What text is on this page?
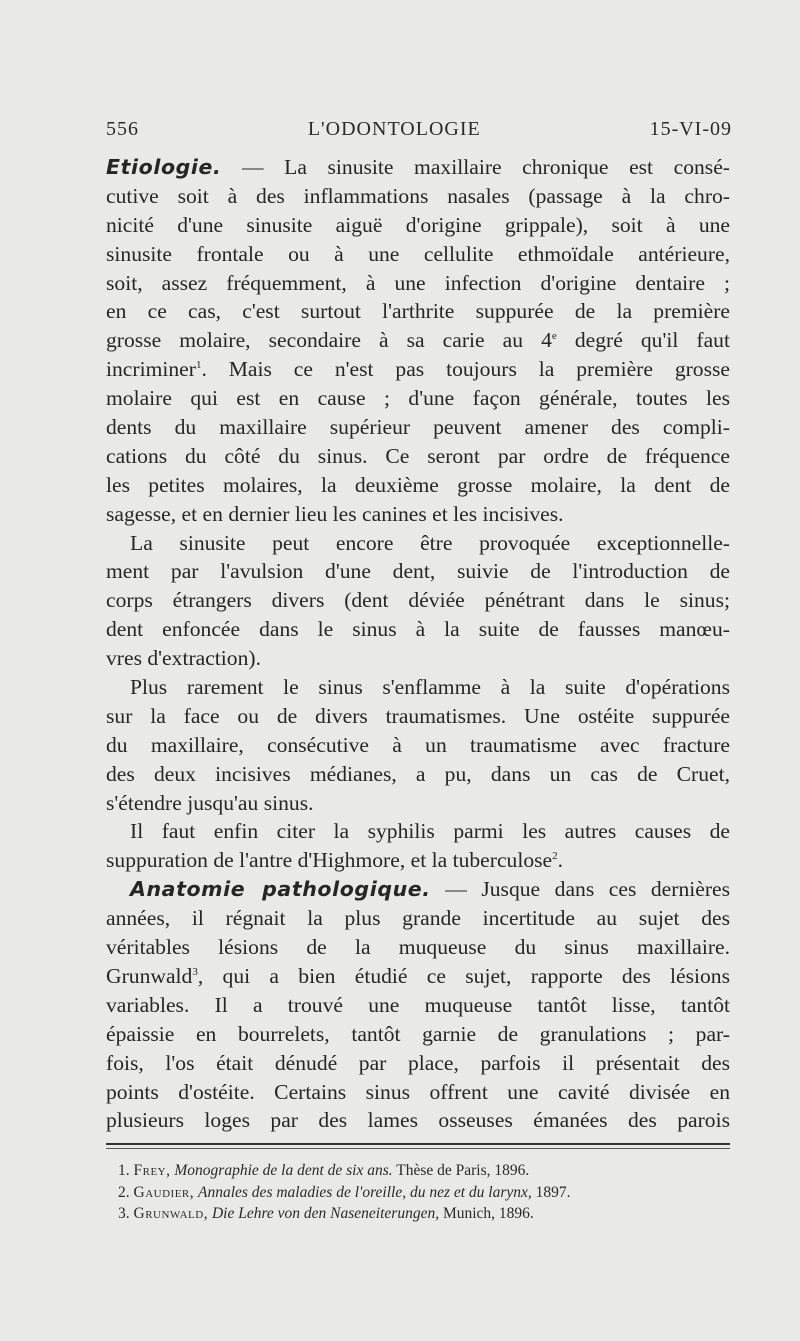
556	L'ODONTOLOGIE	15-VI-09
Etiologie. — La sinusite maxillaire chronique est consé-
cutive soit à des inflammations nasales (passage à la chro-
nicité d'une sinusite aiguë d'origine grippale), soit à une
sinusite frontale ou à une cellulite ethmoïdale antérieure,
soit, assez fréquemment, à une infection d'origine dentaire ;
en ce cas, c'est surtout l'arthrite suppurée de la première
grosse molaire, secondaire à sa carie au 4e degré qu'il faut
incriminer$^1$. Mais ce n'est pas toujours la première grosse
molaire qui est en cause ; d'une façon générale, toutes les
dents du maxillaire supérieur peuvent amener des compli-
cations du côté du sinus. Ce seront par ordre de fréquence
les petites molaires, la deuxième grosse molaire, la dent de
sagesse, et en dernier lieu les canines et les incisives.
La sinusite peut encore être provoquée exceptionnelle-
ment par l'avulsion d'une dent, suivie de l'introduction de
corps étrangers divers (dent déviée pénétrant dans le sinus;
dent enfoncée dans le sinus à la suite de fausses manœu-
vres d'extraction).
Plus rarement le sinus s'enflamme à la suite d'opérations
sur la face ou de divers traumatismes. Une ostéite suppurée
du maxillaire, consécutive à un traumatisme avec fracture
des deux incisives médianes, a pu, dans un cas de Cruet,
s'étendre jusqu'au sinus.
Il faut enfin citer la syphilis parmi les autres causes de
suppuration de l'antre d'Highmore, et la tuberculose$^2$.
Anatomie pathologique. — Jusque dans ces dernières
années, il régnait la plus grande incertitude au sujet des
véritables lésions de la muqueuse du sinus maxillaire.
Grunwald$^3$, qui a bien étudié ce sujet, rapporte des lésions
variables. Il a trouvé une muqueuse tantôt lisse, tantôt
épaissie en bourrelets, tantôt garnie de granulations ; par-
fois, l'os était dénudé par place, parfois il présentait des
points d'ostéite. Certains sinus offrent une cavité divisée en
plusieurs loges par des lames osseuses émanées des parois
1. Frey, Monographie de la dent de six ans. Thèse de Paris, 1896.
2. Gaudier, Annales des maladies de l'oreille, du nez et du larynx, 1897.
3. Grunwald, Die Lehre von den Naseneiterungen, Munich, 1896.
